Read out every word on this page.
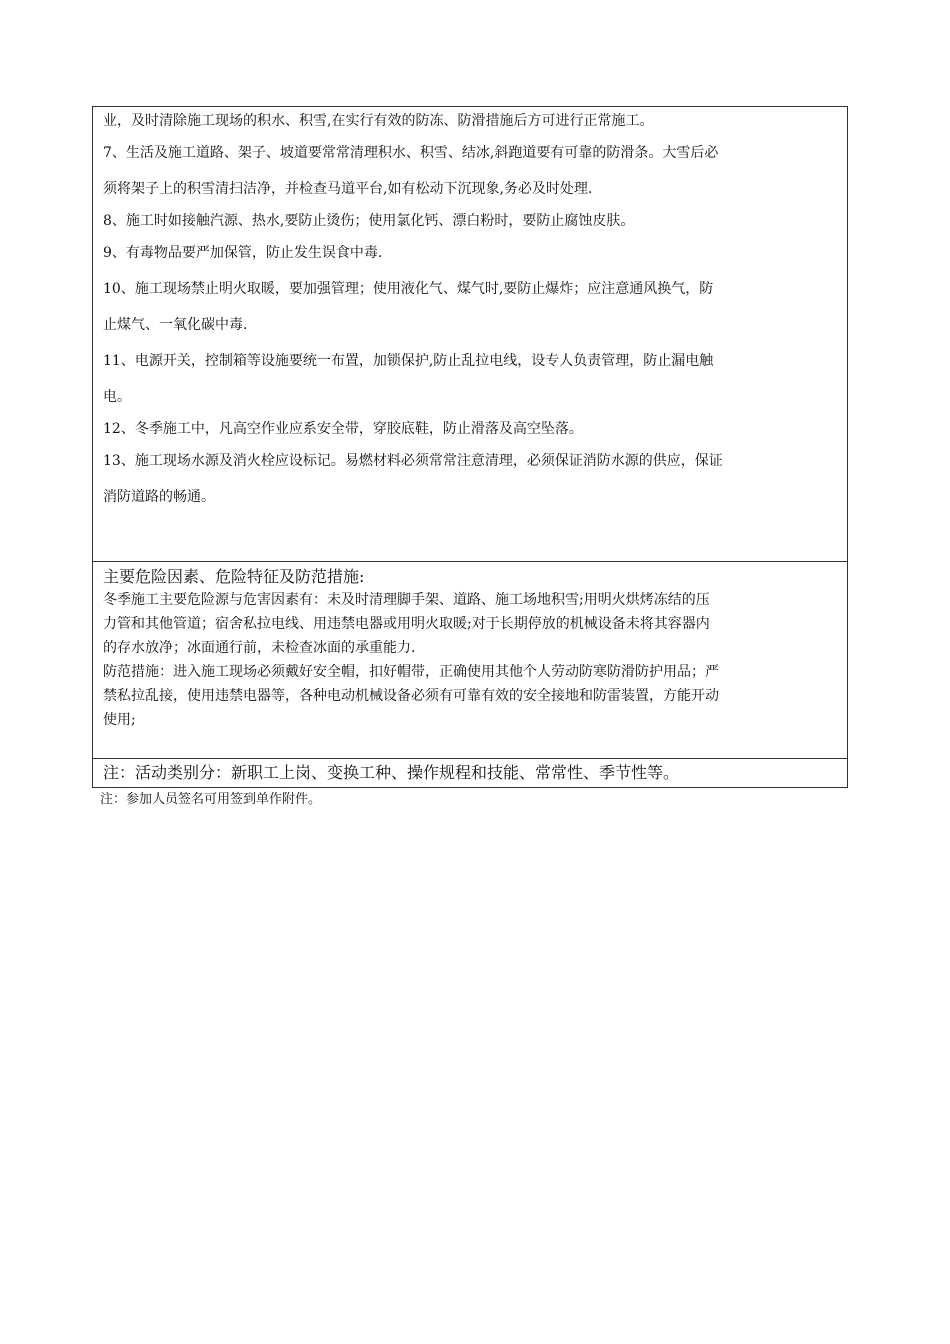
业，及时清除施工现场的积水、积雪,在实行有效的防冻、防滑措施后方可进行正常施工。

7、生活及施工道路、架子、坡道要常常清理积水、积雪、结冰,斜跑道要有可靠的防滑条。大雪后必

须将架子上的积雪清扫洁净，并检查马道平台,如有松动下沉现象,务必及时处理.

8、施工时如接触汽源、热水,要防止烫伤；使用氯化钙、漂白粉时，要防止腐蚀皮肤。

9、有毒物品要严加保管，防止发生误食中毒.

10、施工现场禁止明火取暖，要加强管理；使用液化气、煤气时,要防止爆炸；应注意通风换气，防

止煤气、一氧化碳中毒.

11、电源开关，控制箱等设施要统一布置，加锁保护,防止乱拉电线，设专人负责管理，防止漏电触

电。

12、冬季施工中，凡高空作业应系安全带，穿胶底鞋，防止滑落及高空坠落。

13、施工现场水源及消火栓应设标记。易燃材料必须常常注意清理，必须保证消防水源的供应，保证

消防道路的畅通。

主要危险因素、危险特征及防范措施:

冬季施工主要危险源与危害因素有：未及时清理脚手架、道路、施工场地积雪;用明火烘烤冻结的压

力管和其他管道；宿舍私拉电线、用违禁电器或用明火取暖;对于长期停放的机械设备未将其容器内

的存水放净；冰面通行前，未检查冰面的承重能力.

防范措施：进入施工现场必须戴好安全帽，扣好帽带，正确使用其他个人劳动防寒防滑防护用品；严

禁私拉乱接，使用违禁电器等，各种电动机械设备必须有可靠有效的安全接地和防雷装置，方能开动

使用;

注：活动类别分：新职工上岗、变换工种、操作规程和技能、常常性、季节性等。

注：参加人员签名可用签到单作附件。
